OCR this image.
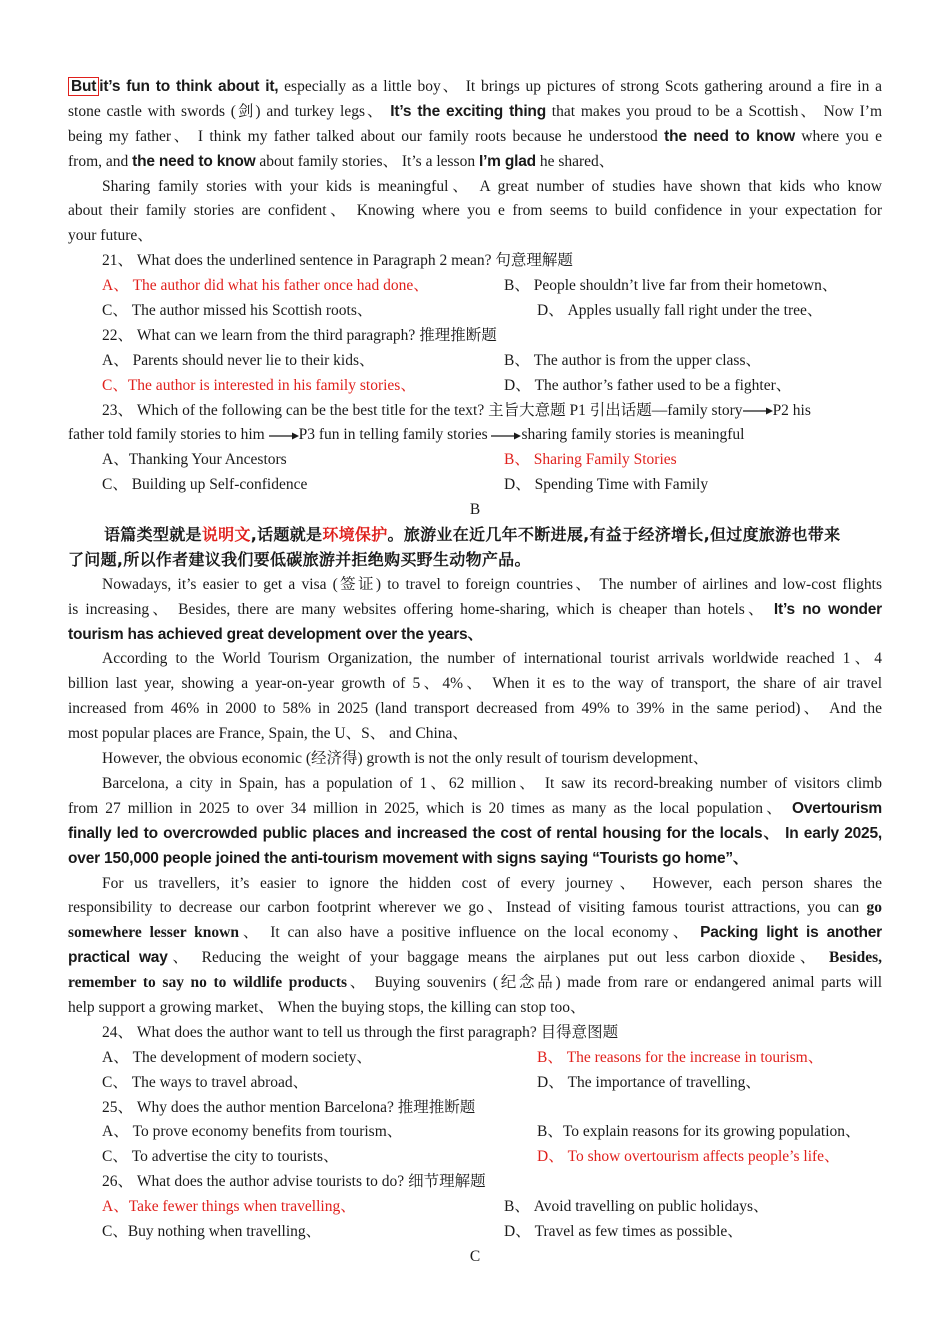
But it’s fun to think about it, especially as a little boy、 It brings up pictures of strong Scots gathering around a fire in a
stone castle with swords (剑) and turkey legs、 It’s the exciting thing that makes you proud to be a Scottish、 Now I’m
being my father、 I think my father talked about our family roots because he understood the need to know where you e
from, and the need to know about family stories、 It’s a lesson I’m glad he shared、
Sharing family stories with your kids is meaningful、 A great number of studies have shown that kids who know
about their family stories are confident、 Knowing where you e from seems to build confidence in your expectation for
your future、
21、 What does the underlined sentence in Paragraph 2 mean? 句意理解题
A、 The author did what his father once had done、	B、 People shouldn’t live far from their hometown、
C、 The author missed his Scottish roots、	D、 Apples usually fall right under the tree、
22、 What can we learn from the third paragraph? 推理推断题
A、 Parents should never lie to their kids、	B、 The author is from the upper class、
C、The author is interested in his family stories、	D、 The author’s father used to be a fighter、
23、 Which of the following can be the best title for the text? 主旨大意题 P1 引出话题—family story P2 his
father told family stories to him P3 fun in telling family stories sharing family stories is meaningful
A、Thanking Your Ancestors	B、 Sharing Family Stories
C、 Building up Self-confidence	D、 Spending Time with Family
B
语篇类型就是说明文,话题就是环境保护。旅游业在近几年不断进展,有益于经济增长,但过度旅游也带来
了问题,所以作者建议我们要低碳旅游并拒绝购买野生动物产品。
Nowadays, it’s easier to get a visa (签证) to travel to foreign countries、 The number of airlines and low-cost flights
is increasing、 Besides, there are many websites offering home-sharing, which is cheaper than hotels、 It’s no wonder
tourism has achieved great development over the years、
According to the World Tourism Organization, the number of international tourist arrivals worldwide reached 1、4
billion last year, showing a year-on-year growth of 5、4%、 When it es to the way of transport, the share of air travel
increased from 46% in 2000 to 58% in 2025 (land transport decreased from 49% to 39% in the same period)、 And the
most popular places are France, Spain, the U、S、 and China、
However, the obvious economic (经济得) growth is not the only result of tourism development、
Barcelona, a city in Spain, has a population of 1、62 million、 It saw its record-breaking number of visitors climb
from 27 million in 2025 to over 34 million in 2025, which is 20 times as many as the local population、 Overtourism
finally led to overcrowded public places and increased the cost of rental housing for the locals、 In early 2025,
over 150,000 people joined the anti-tourism movement with signs saying “Tourists go home”、
For us travellers, it’s easier to ignore the hidden cost of every journey、 However, each person shares the
responsibility to decrease our carbon footprint wherever we go、Instead of visiting famous tourist attractions, you can go
somewhere lesser known、 It can also have a positive influence on the local economy、 Packing light is another
practical way、 Reducing the weight of your baggage means the airplanes put out less carbon dioxide、 Besides,
remember to say no to wildlife products、 Buying souvenirs (纪念品) made from rare or endangered animal parts will
help support a growing market、 When the buying stops, the killing can stop too、
24、 What does the author want to tell us through the first paragraph? 目得意图题
A、 The development of modern society、	B、 The reasons for the increase in tourism、
C、 The ways to travel abroad、	D、 The importance of travelling、
25、 Why does the author mention Barcelona? 推理推断题
A、 To prove economy benefits from tourism、	B、To explain reasons for its growing population、
C、 To advertise the city to tourists、	D、 To show overtourism affects people’s life、
26、 What does the author advise tourists to do? 细节理解题
A、Take fewer things when travelling、	B、 Avoid travelling on public holidays、
C、Buy nothing when travelling、	D、 Travel as few times as possible、
C
